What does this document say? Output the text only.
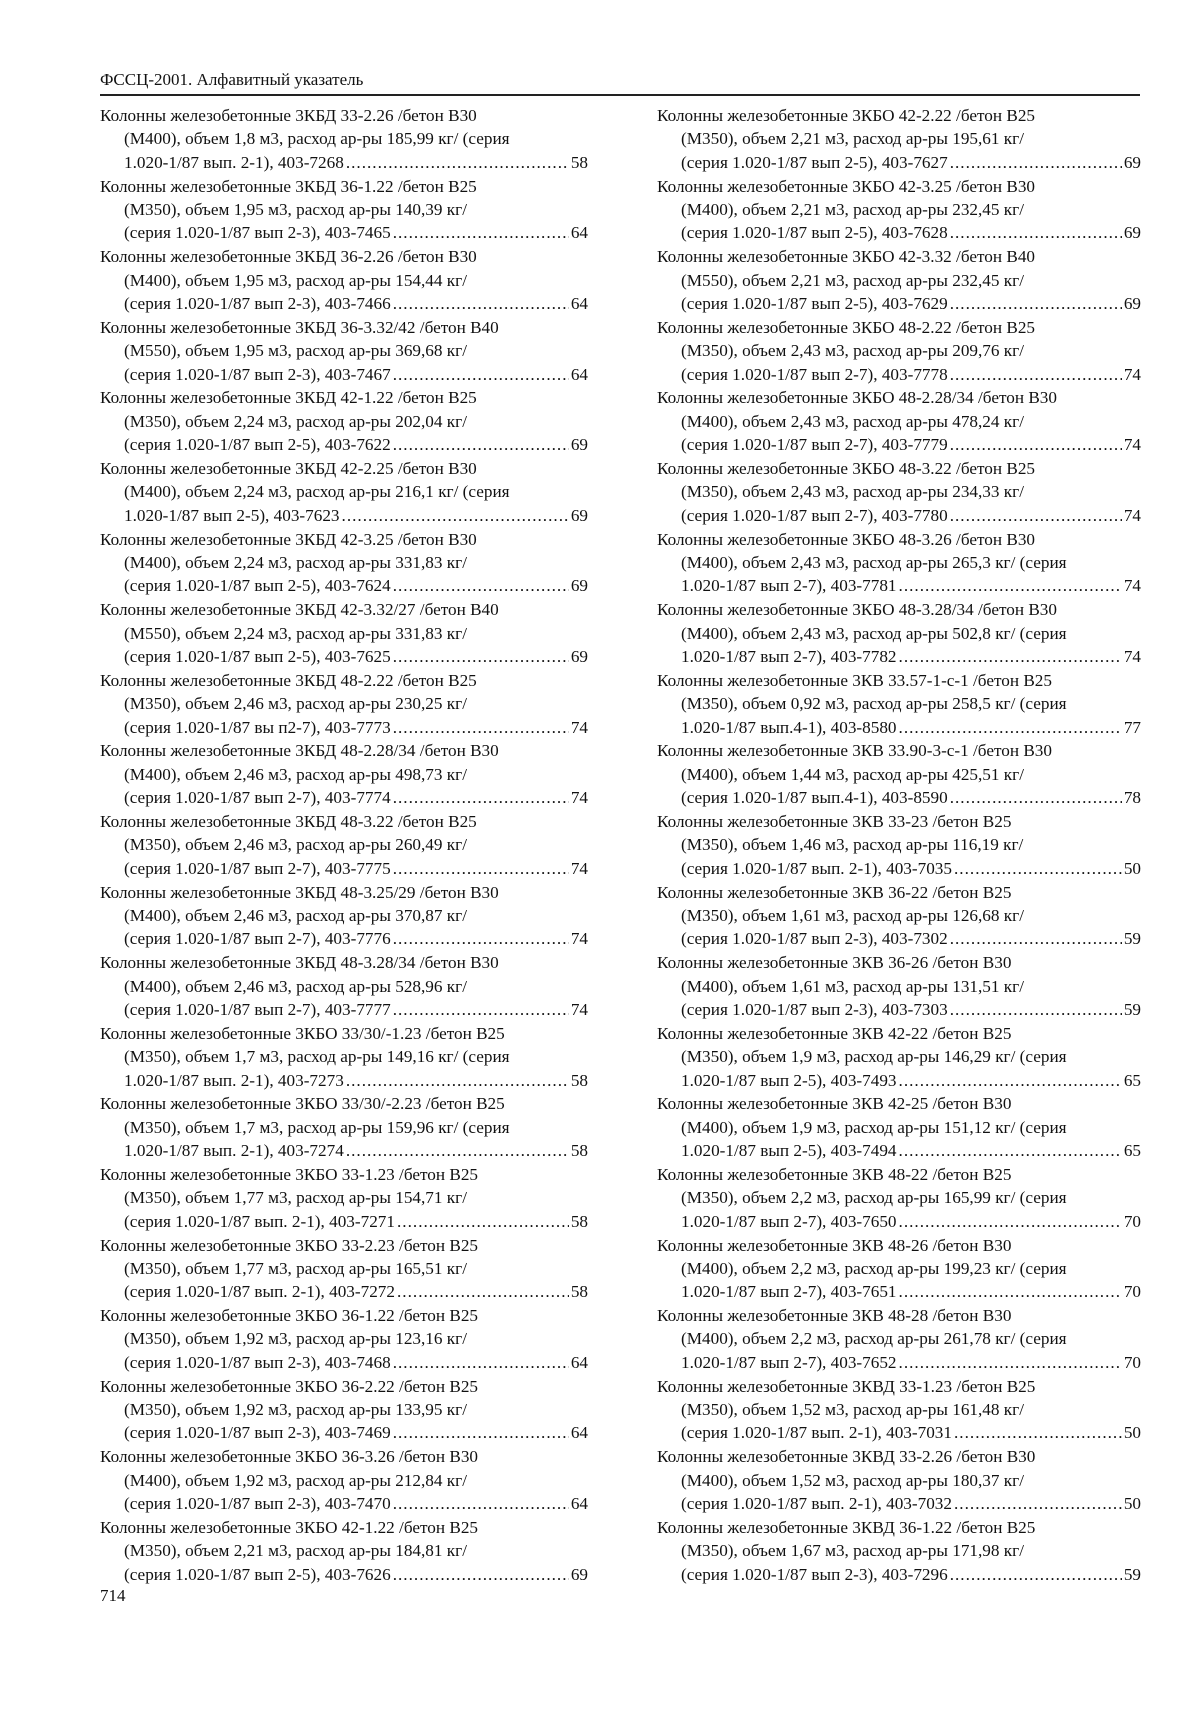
ФССЦ-2001. Алфавитный указатель
Колонны железобетонные 3КБД 33-2.26 /бетон В30
(М400), объем 1,8 м3, расход ар-ры 185,99 кг/ (серия
1.020-1/87 вып. 2-1), 403-7268 .....	58
Колонны железобетонные 3КБД 36-1.22 /бетон В25
(М350), объем 1,95 м3, расход ар-ры 140,39 кг/
(серия 1.020-1/87 вып 2-3), 403-7465 .....	64
Колонны железобетонные 3КБД 36-2.26 /бетон В30
(М400), объем 1,95 м3, расход ар-ры 154,44 кг/
(серия 1.020-1/87 вып 2-3), 403-7466 .....	64
Колонны железобетонные 3КБД 36-3.32/42 /бетон В40
(М550), объем 1,95 м3, расход ар-ры 369,68 кг/
(серия 1.020-1/87 вып 2-3), 403-7467 .....	64
Колонны железобетонные 3КБД 42-1.22 /бетон В25
(М350), объем 2,24 м3, расход ар-ры 202,04 кг/
(серия 1.020-1/87 вып 2-5), 403-7622 .....	69
Колонны железобетонные 3КБД 42-2.25 /бетон В30
(М400), объем 2,24 м3, расход ар-ры 216,1 кг/ (серия
1.020-1/87 вып 2-5), 403-7623 .....	69
Колонны железобетонные 3КБД 42-3.25 /бетон В30
(М400), объем 2,24 м3, расход ар-ры 331,83 кг/
(серия 1.020-1/87 вып 2-5), 403-7624 .....	69
Колонны железобетонные 3КБД 42-3.32/27 /бетон В40
(М550), объем 2,24 м3, расход ар-ры 331,83 кг/
(серия 1.020-1/87 вып 2-5), 403-7625 .....	69
Колонны железобетонные 3КБД 48-2.22 /бетон В25
(М350), объем 2,46 м3, расход ар-ры 230,25 кг/
(серия 1.020-1/87 вы п2-7), 403-7773 .....	74
Колонны железобетонные 3КБД 48-2.28/34 /бетон В30
(М400), объем 2,46 м3, расход ар-ры 498,73 кг/
(серия 1.020-1/87 вып 2-7), 403-7774 .....	74
Колонны железобетонные 3КБД 48-3.22 /бетон В25
(М350), объем 2,46 м3, расход ар-ры 260,49 кг/
(серия 1.020-1/87 вып 2-7), 403-7775 .....	74
Колонны железобетонные 3КБД 48-3.25/29 /бетон В30
(М400), объем 2,46 м3, расход ар-ры 370,87 кг/
(серия 1.020-1/87 вып 2-7), 403-7776 .....	74
Колонны железобетонные 3КБД 48-3.28/34 /бетон В30
(М400), объем 2,46 м3, расход ар-ры 528,96 кг/
(серия 1.020-1/87 вып 2-7), 403-7777 .....	74
Колонны железобетонные 3КБО 33/30/-1.23 /бетон В25
(М350), объем 1,7 м3, расход ар-ры 149,16 кг/ (серия
1.020-1/87 вып. 2-1), 403-7273 .....	58
Колонны железобетонные 3КБО 33/30/-2.23 /бетон В25
(М350), объем 1,7 м3, расход ар-ры 159,96 кг/ (серия
1.020-1/87 вып. 2-1), 403-7274 .....	58
Колонны железобетонные 3КБО 33-1.23 /бетон В25
(М350), объем 1,77 м3, расход ар-ры 154,71 кг/
(серия 1.020-1/87 вып. 2-1), 403-7271 .....	58
Колонны железобетонные 3КБО 33-2.23 /бетон В25
(М350), объем 1,77 м3, расход ар-ры 165,51 кг/
(серия 1.020-1/87 вып. 2-1), 403-7272 .....	58
Колонны железобетонные 3КБО 36-1.22 /бетон В25
(М350), объем 1,92 м3, расход ар-ры 123,16 кг/
(серия 1.020-1/87 вып 2-3), 403-7468 .....	64
Колонны железобетонные 3КБО 36-2.22 /бетон В25
(М350), объем 1,92 м3, расход ар-ры 133,95 кг/
(серия 1.020-1/87 вып 2-3), 403-7469 .....	64
Колонны железобетонные 3КБО 36-3.26 /бетон В30
(М400), объем 1,92 м3, расход ар-ры 212,84 кг/
(серия 1.020-1/87 вып 2-3), 403-7470 .....	64
Колонны железобетонные 3КБО 42-1.22 /бетон В25
(М350), объем 2,21 м3, расход ар-ры 184,81 кг/
(серия 1.020-1/87 вып 2-5), 403-7626 .....	69
Колонны железобетонные 3КБО 42-2.22 /бетон В25
(М350), объем 2,21 м3, расход ар-ры 195,61 кг/
(серия 1.020-1/87 вып 2-5), 403-7627 .....	69
Колонны железобетонные 3КБО 42-3.25 /бетон В30
(М400), объем 2,21 м3, расход ар-ры 232,45 кг/
(серия 1.020-1/87 вып 2-5), 403-7628 .....	69
Колонны железобетонные 3КБО 42-3.32 /бетон В40
(М550), объем 2,21 м3, расход ар-ры 232,45 кг/
(серия 1.020-1/87 вып 2-5), 403-7629 .....	69
Колонны железобетонные 3КБО 48-2.22 /бетон В25
(М350), объем 2,43 м3, расход ар-ры 209,76 кг/
(серия 1.020-1/87 вып 2-7), 403-7778 .....	74
Колонны железобетонные 3КБО 48-2.28/34 /бетон В30
(М400), объем 2,43 м3, расход ар-ры 478,24 кг/
(серия 1.020-1/87 вып 2-7), 403-7779 .....	74
Колонны железобетонные 3КБО 48-3.22 /бетон В25
(М350), объем 2,43 м3, расход ар-ры 234,33 кг/
(серия 1.020-1/87 вып 2-7), 403-7780 .....	74
Колонны железобетонные 3КБО 48-3.26 /бетон В30
(М400), объем 2,43 м3, расход ар-ры 265,3 кг/ (серия
1.020-1/87 вып 2-7), 403-7781 .....	74
Колонны железобетонные 3КБО 48-3.28/34 /бетон В30
(М400), объем 2,43 м3, расход ар-ры 502,8 кг/ (серия
1.020-1/87 вып 2-7), 403-7782 .....	74
Колонны железобетонные 3КВ 33.57-1-с-1 /бетон В25
(М350), объем 0,92 м3, расход ар-ры 258,5 кг/ (серия
1.020-1/87 вып.4-1), 403-8580 .....	77
Колонны железобетонные 3КВ 33.90-3-с-1 /бетон В30
(М400), объем 1,44 м3, расход ар-ры 425,51 кг/
(серия 1.020-1/87 вып.4-1), 403-8590 .....	78
Колонны железобетонные 3КВ 33-23 /бетон В25
(М350), объем 1,46 м3, расход ар-ры 116,19 кг/
(серия 1.020-1/87 вып. 2-1), 403-7035 .....	50
Колонны железобетонные 3КВ 36-22 /бетон В25
(М350), объем 1,61 м3, расход ар-ры 126,68 кг/
(серия 1.020-1/87 вып 2-3), 403-7302 .....	59
Колонны железобетонные 3КВ 36-26 /бетон В30
(М400), объем 1,61 м3, расход ар-ры 131,51 кг/
(серия 1.020-1/87 вып 2-3), 403-7303 .....	59
Колонны железобетонные 3КВ 42-22 /бетон В25
(М350), объем 1,9 м3, расход ар-ры 146,29 кг/ (серия
1.020-1/87 вып 2-5), 403-7493 .....	65
Колонны железобетонные 3КВ 42-25 /бетон В30
(М400), объем 1,9 м3, расход ар-ры 151,12 кг/ (серия
1.020-1/87 вып 2-5), 403-7494 .....	65
Колонны железобетонные 3КВ 48-22 /бетон В25
(М350), объем 2,2 м3, расход ар-ры 165,99 кг/ (серия
1.020-1/87 вып 2-7), 403-7650 .....	70
Колонны железобетонные 3КВ 48-26 /бетон В30
(М400), объем 2,2 м3, расход ар-ры 199,23 кг/ (серия
1.020-1/87 вып 2-7), 403-7651 .....	70
Колонны железобетонные 3КВ 48-28 /бетон В30
(М400), объем 2,2 м3, расход ар-ры 261,78 кг/ (серия
1.020-1/87 вып 2-7), 403-7652 .....	70
Колонны железобетонные 3КВД 33-1.23 /бетон В25
(М350), объем 1,52 м3, расход ар-ры 161,48 кг/
(серия 1.020-1/87 вып. 2-1), 403-7031 .....	50
Колонны железобетонные 3КВД 33-2.26 /бетон В30
(М400), объем 1,52 м3, расход ар-ры 180,37 кг/
(серия 1.020-1/87 вып. 2-1), 403-7032 .....	50
Колонны железобетонные 3КВД 36-1.22 /бетон В25
(М350), объем 1,67 м3, расход ар-ры 171,98 кг/
(серия 1.020-1/87 вып 2-3), 403-7296 .....	59
714
